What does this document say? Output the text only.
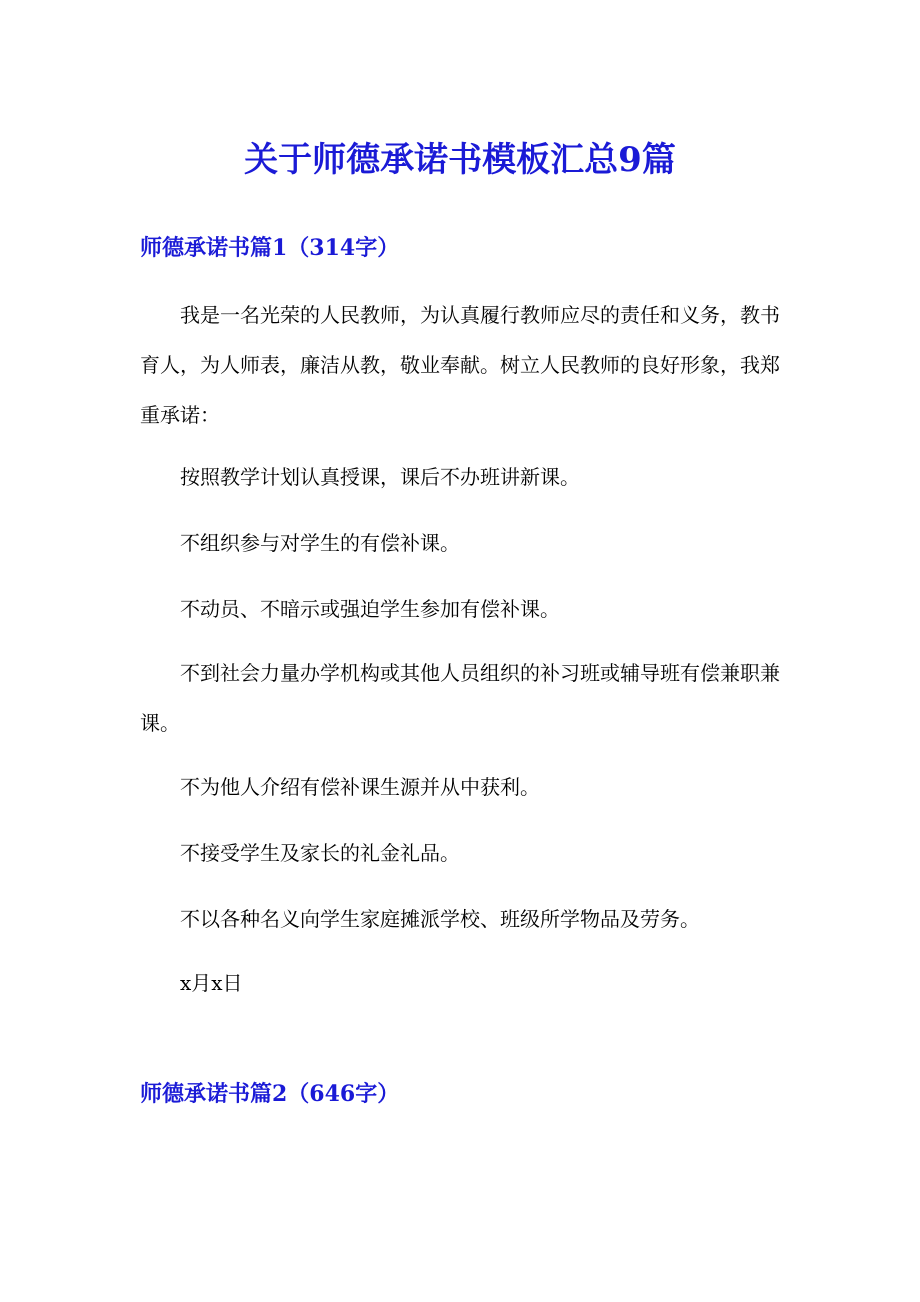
关于师德承诺书模板汇总9篇
师德承诺书篇1（314字）

我是一名光荣的人民教师，为认真履行教师应尽的责任和义务，教书育人，为人师表，廉洁从教，敬业奉献。树立人民教师的良好形象，我郑重承诺：

按照教学计划认真授课，课后不办班讲新课。

不组织参与对学生的有偿补课。

不动员、不暗示或强迫学生参加有偿补课。

不到社会力量办学机构或其他人员组织的补习班或辅导班有偿兼职兼课。

不为他人介绍有偿补课生源并从中获利。

不接受学生及家长的礼金礼品。

不以各种名义向学生家庭摊派学校、班级所学物品及劳务。

x月x日

师德承诺书篇2（646字）
